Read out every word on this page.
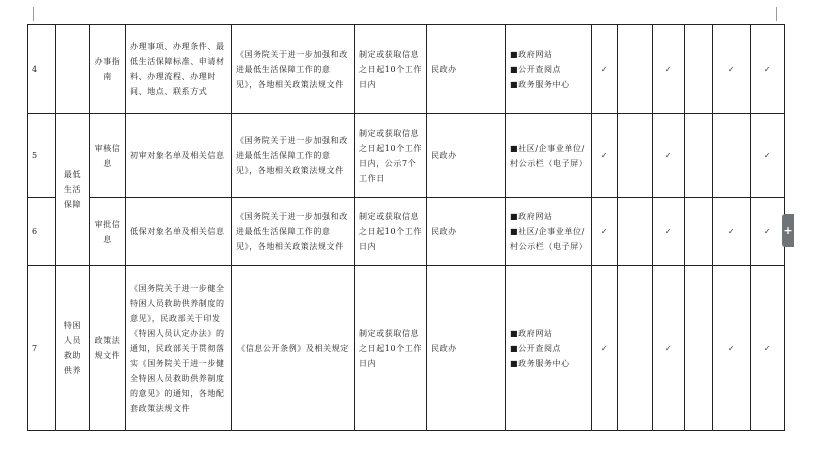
4		办事指南	办理事项、办理条件、最低生活保障标准、申请材料、办理流程、办理时间、地点、联系方式	《国务院关于进一步加强和改进最低生活保障工作的意见》，各地相关政策法规文件	制定或获取信息之日起10个工作日内	民政办	■政府网站
■公开查阅点
■政务服务中心	✓		✓		✓	✓
5	最低生活保障	审核信息	初审对象名单及相关信息	《国务院关于进一步加强和改进最低生活保障工作的意见》，各地相关政策法规文件	制定或获取信息之日起10个工作日内，公示7个工作日	民政办	■社区/企事业单位/村公示栏（电子屏）	✓		✓			✓
6		审批信息	低保对象名单及相关信息	《国务院关于进一步加强和改进最低生活保障工作的意见》，各地相关政策法规文件	制定或获取信息之日起10个工作日内	民政办	■政府网站
■社区/企事业单位/村公示栏（电子屏）	✓		✓		✓	✓
7	特困人员救助供养	政策法规文件	《国务院关于进一步健全特困人员救助供养制度的意见》，民政部关于印发《特困人员认定办法》的通知，民政部关于贯彻落实《国务院关于进一步健全特困人员救助供养制度的意见》的通知，各地配套政策法规文件	《信息公开条例》及相关规定	制定或获取信息之日起10个工作日内	民政办	■政府网站
■公开查阅点
■政务服务中心	✓		✓		✓	✓
+
